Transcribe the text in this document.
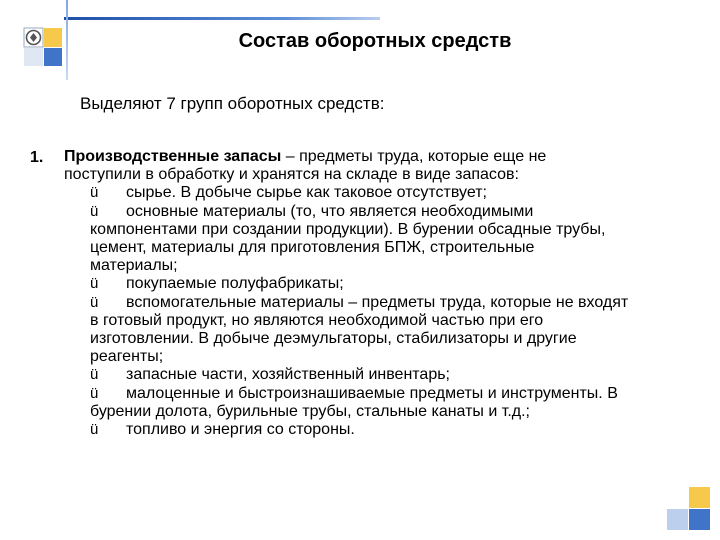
Состав оборотных средств
Выделяют 7 групп оборотных средств:
1. Производственные запасы – предметы труда, которые еще не
поступили в обработку и хранятся на складе в виде запасов:
ü сырье. В добыче сырье как таковое отсутствует;
ü основные материалы (то, что является необходимыми
компонентами при создании продукции). В бурении обсадные трубы,
цемент, материалы для приготовления БПЖ, строительные
материалы;
ü покупаемые полуфабрикаты;
ü вспомогательные материалы – предметы труда, которые не входят
в готовый продукт, но являются необходимой частью при его
изготовлении. В добыче деэмульгаторы, стабилизаторы и другие
реагенты;
ü запасные части, хозяйственный инвентарь;
ü малоценные и быстроизнашиваемые предметы и инструменты. В
бурении долота, бурильные трубы, стальные канаты и т.д.;
ü топливо и энергия со стороны.
